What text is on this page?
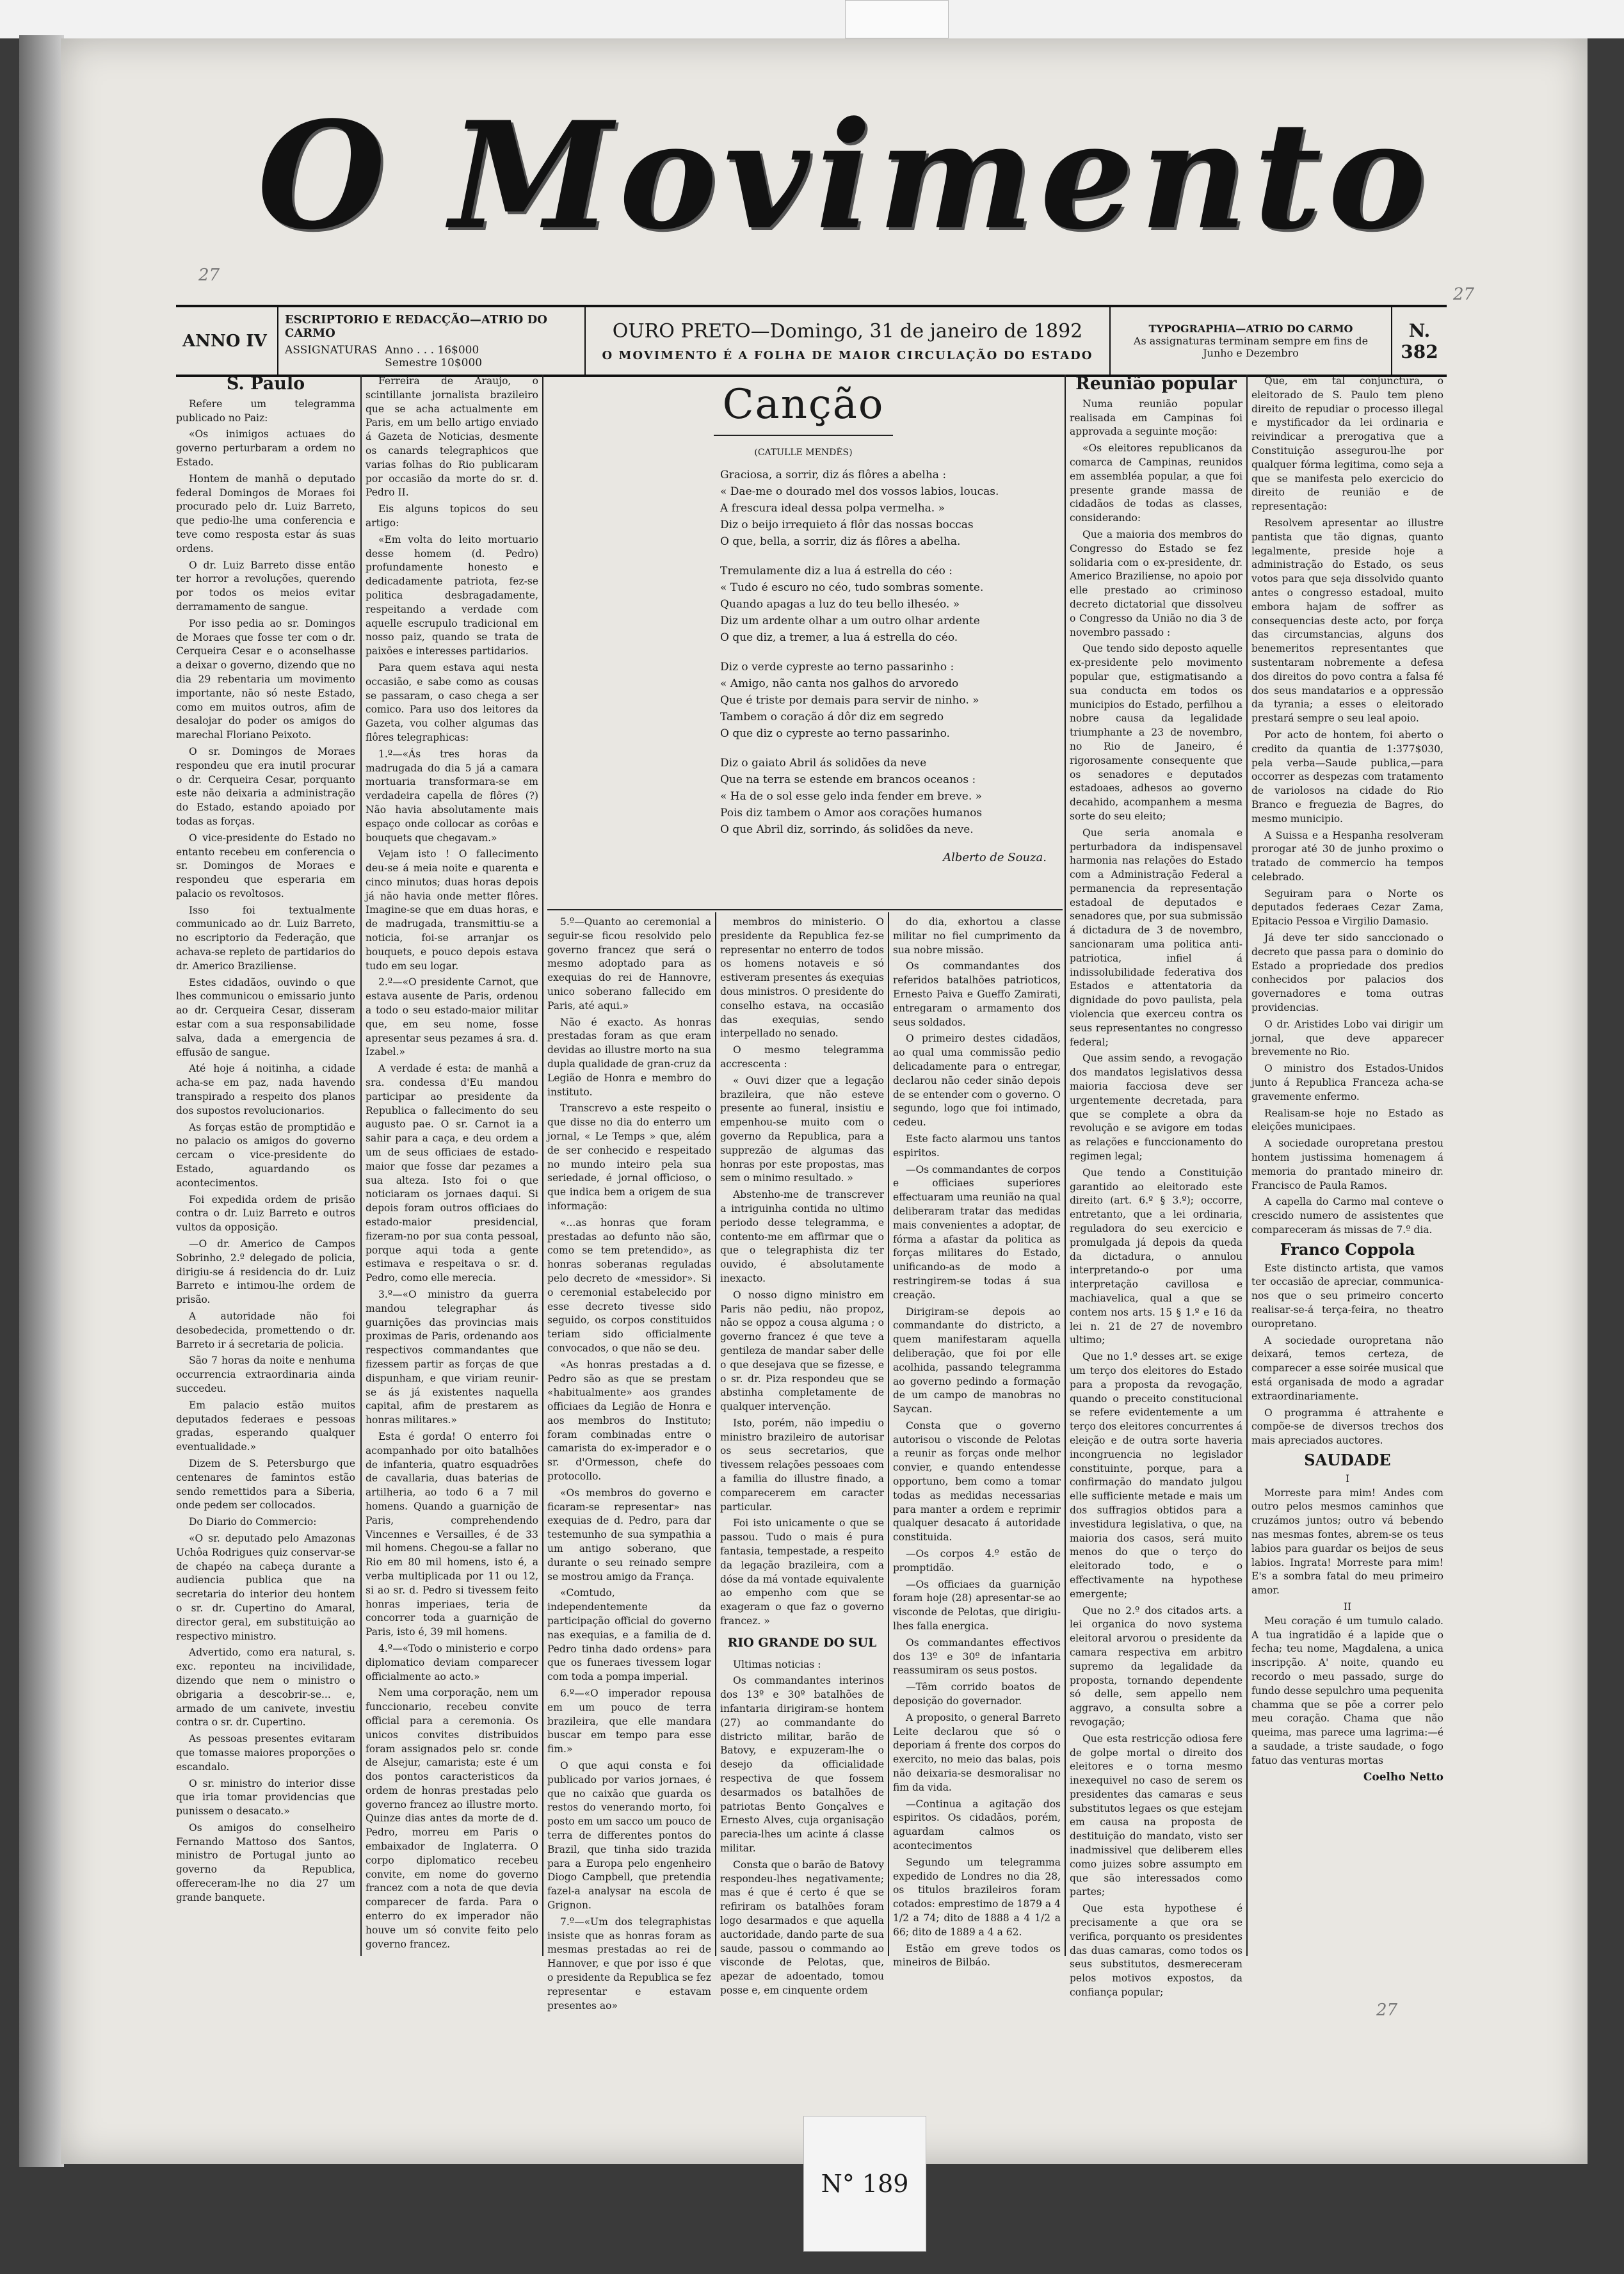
O Movimento
27
27
27
ANNO IV
ESCRIPTORIO E REDACÇÃO—ATRIO DO CARMO
ASSIGNATURAS Anno . . . 16$000
Semestre 10$000
OURO PRETO—Domingo, 31 de janeiro de 1892
O MOVIMENTO É A FOLHA DE MAIOR CIRCULAÇÃO DO ESTADO
TYPOGRAPHIA—ATRIO DO CARMO
As assignaturas terminam sempre em fins de Junho e Dezembro
N. 382
S. Paulo

Refere um telegramma publicado no Paiz:

«Os inimigos actuaes do governo perturbaram a ordem no Estado.

Hontem de manhã o deputado federal Domingos de Moraes foi procurado pelo dr. Luiz Barreto, que pedio-lhe uma conferencia e teve como resposta estar ás suas ordens.

O dr. Luiz Barreto disse então ter horror a revoluções, querendo por todos os meios evitar derramamento de sangue.

Por isso pedia ao sr. Domingos de Moraes que fosse ter com o dr. Cerqueira Cesar e o aconselhasse a deixar o governo, dizendo que no dia 29 rebentaria um movimento importante, não só neste Estado, como em muitos outros, afim de desalojar do poder os amigos do marechal Floriano Peixoto.

O sr. Domingos de Moraes respondeu que era inutil procurar o dr. Cerqueira Cesar, porquanto este não deixaria a administração do Estado, estando apoiado por todas as forças.

O vice-presidente do Estado no entanto recebeu em conferencia o sr. Domingos de Moraes e respondeu que esperaria em palacio os revoltosos.

Isso foi textualmente communicado ao dr. Luiz Barreto, no escriptorio da Federação, que achava-se repleto de partidarios do dr. Americo Braziliense.

Estes cidadãos, ouvindo o que lhes communicou o emissario junto ao dr. Cerqueira Cesar, disseram estar com a sua responsabilidade salva, dada a emergencia de effusão de sangue.

Até hoje á noitinha, a cidade acha-se em paz, nada havendo transpirado a respeito dos planos dos supostos revolucionarios.

As forças estão de promptidão e no palacio os amigos do governo cercam o vice-presidente do Estado, aguardando os acontecimentos.

Foi expedida ordem de prisão contra o dr. Luiz Barreto e outros vultos da opposição.

—O dr. Americo de Campos Sobrinho, 2.º delegado de policia, dirigiu-se á residencia do dr. Luiz Barreto e intimou-lhe ordem de prisão.

A autoridade não foi desobedecida, promettendo o dr. Barreto ir á secretaria de policia.

São 7 horas da noite e nenhuma occurrencia extraordinaria ainda succedeu.

Em palacio estão muitos deputados federaes e pessoas gradas, esperando qualquer eventualidade.»

Dizem de S. Petersburgo que centenares de famintos estão sendo remettidos para a Siberia, onde pedem ser collocados.

Do Diario do Commercio:

«O sr. deputado pelo Amazonas Uchôa Rodrigues quiz conservar-se de chapéo na cabeça durante a audiencia publica que na secretaria do interior deu hontem o sr. dr. Cupertino do Amaral, director geral, em substituição ao respectivo ministro.

Advertido, como era natural, s. exc. reponteu na incivilidade, dizendo que nem o ministro o obrigaria a descobrir-se... e, armado de um canivete, investiu contra o sr. dr. Cupertino.

As pessoas presentes evitaram que tomasse maiores proporções o escandalo.

O sr. ministro do interior disse que iria tomar providencias que punissem o desacato.»

Os amigos do conselheiro Fernando Mattoso dos Santos, ministro de Portugal junto ao governo da Republica, offereceram-lhe no dia 27 um grande banquete.

Ferreira de Araujo, o scintillante jornalista brazileiro que se acha actualmente em Paris, em um bello artigo enviado á Gazeta de Noticias, desmente os canards telegraphicos que varias folhas do Rio publicaram por occasião da morte do sr. d. Pedro II.

Eis alguns topicos do seu artigo:

«Em volta do leito mortuario desse homem (d. Pedro) profundamente honesto e dedicadamente patriota, fez-se politica desbragadamente, respeitando a verdade com aquelle escrupulo tradicional em nosso paiz, quando se trata de paixões e interesses partidarios.

Para quem estava aqui nesta occasião, e sabe como as cousas se passaram, o caso chega a ser comico. Para uso dos leitores da Gazeta, vou colher algumas das flôres telegraphicas:

1.º—«Ás tres horas da madrugada do dia 5 já a camara mortuaria transformara-se em verdadeira capella de flôres (?) Não havia absolutamente mais espaço onde collocar as corôas e bouquets que chegavam.»

Vejam isto ! O fallecimento deu-se á meia noite e quarenta e cinco minutos; duas horas depois já não havia onde metter flôres. Imagine-se que em duas horas, e de madrugada, transmittiu-se a noticia, foi-se arranjar os bouquets, e pouco depois estava tudo em seu logar.

2.º—«O presidente Carnot, que estava ausente de Paris, ordenou a todo o seu estado-maior militar que, em seu nome, fosse apresentar seus pezames á sra. d. Izabel.»

A verdade é esta: de manhã a sra. condessa d'Eu mandou participar ao presidente da Republica o fallecimento do seu augusto pae. O sr. Carnot ia a sahir para a caça, e deu ordem a um de seus officiaes de estado-maior que fosse dar pezames a sua alteza. Isto foi o que noticiaram os jornaes daqui. Si depois foram outros officiaes do estado-maior presidencial, fizeram-no por sua conta pessoal, porque aqui toda a gente estimava e respeitava o sr. d. Pedro, como elle merecia.

3.º—«O ministro da guerra mandou telegraphar ás guarnições das provincias mais proximas de Paris, ordenando aos respectivos commandantes que fizessem partir as forças de que dispunham, e que viriam reunir-se ás já existentes naquella capital, afim de prestarem as honras militares.»

Esta é gorda! O enterro foi acompanhado por oito batalhões de infanteria, quatro esquadrões de cavallaria, duas baterias de artilheria, ao todo 6 a 7 mil homens. Quando a guarnição de Paris, comprehendendo Vincennes e Versailles, é de 33 mil homens. Chegou-se a fallar no Rio em 80 mil homens, isto é, a verba multiplicada por 11 ou 12, si ao sr. d. Pedro si tivessem feito honras imperiaes, teria de concorrer toda a guarnição de Paris, isto é, 39 mil homens.

4.º—«Todo o ministerio e corpo diplomatico deviam comparecer officialmente ao acto.»

Nem uma corporação, nem um funccionario, recebeu convite official para a ceremonia. Os unicos convites distribuidos foram assignados pelo sr. conde de Alsejur, camarista; este é um dos pontos caracteristicos da ordem de honras prestadas pelo governo francez ao illustre morto. Quinze dias antes da morte de d. Pedro, morreu em Paris o embaixador de Inglaterra. O corpo diplomatico recebeu convite, em nome do governo francez com a nota de que devia comparecer de farda. Para o enterro do ex imperador não houve um só convite feito pelo governo francez.

Canção
(CATULLE MENDÈS)
Graciosa, a sorrir, diz ás flôres a abelha :
« Dae-me o dourado mel dos vossos labios, loucas.
A frescura ideal dessa polpa vermelha. »
Diz o beijo irrequieto á flôr das nossas boccas
O que, bella, a sorrir, diz ás flôres a abelha.
Tremulamente diz a lua á estrella do céo :
« Tudo é escuro no céo, tudo sombras somente.
Quando apagas a luz do teu bello ilheséo. »
Diz um ardente olhar a um outro olhar ardente
O que diz, a tremer, a lua á estrella do céo.
Diz o verde cypreste ao terno passarinho :
« Amigo, não canta nos galhos do arvoredo
Que é triste por demais para servir de ninho. »
Tambem o coração á dôr diz em segredo
O que diz o cypreste ao terno passarinho.
Diz o gaiato Abril ás solidões da neve
Que na terra se estende em brancos oceanos :
« Ha de o sol esse gelo inda fender em breve. »
Pois diz tambem o Amor aos corações humanos
O que Abril diz, sorrindo, ás solidões da neve.
Alberto de Souza.

5.º—Quanto ao ceremonial a seguir-se ficou resolvido pelo governo francez que será o mesmo adoptado para as exequias do rei de Hannovre, unico soberano fallecido em Paris, até aqui.»

Não é exacto. As honras prestadas foram as que eram devidas ao illustre morto na sua dupla qualidade de gran-cruz da Legião de Honra e membro do instituto.

Transcrevo a este respeito o que disse no dia do enterro um jornal, « Le Temps » que, além de ser conhecido e respeitado no mundo inteiro pela sua seriedade, é jornal officioso, o que indica bem a origem de sua informação:

«...as honras que foram prestadas ao defunto não são, como se tem pretendido», as honras soberanas reguladas pelo decreto de «messidor». Si o ceremonial estabelecido por esse decreto tivesse sido seguido, os corpos constituidos teriam sido officialmente convocados, o que não se deu.

«As honras prestadas a d. Pedro são as que se prestam «habitualmente» aos grandes officiaes da Legião de Honra e aos membros do Instituto; foram combinadas entre o camarista do ex-imperador e o sr. d'Ormesson, chefe do protocollo.

«Os membros do governo e ficaram-se representar» nas exequias de d. Pedro, para dar testemunho de sua sympathia a um antigo soberano, que durante o seu reinado sempre se mostrou amigo da França.

«Comtudo, independentemente da participação official do governo nas exequias, e a familia de d. Pedro tinha dado ordens» para que os funeraes tivessem logar com toda a pompa imperial.

6.º—«O imperador repousa em um pouco de terra brazileira, que elle mandara buscar em tempo para esse fim.»

O que aqui consta e foi publicado por varios jornaes, é que no caixão que guarda os restos do venerando morto, foi posto em um sacco um pouco de terra de differentes pontos do Brazil, que tinha sido trazida para a Europa pelo engenheiro Diogo Campbell, que pretendia fazel-a analysar na escola de Grignon.

7.º—«Um dos telegraphistas insiste que as honras foram as mesmas prestadas ao rei de Hannover, e que por isso é que o presidente da Republica se fez representar e estavam presentes ao»

membros do ministerio. O presidente da Republica fez-se representar no enterro de todos os homens notaveis e só estiveram presentes ás exequias dous ministros. O presidente do conselho estava, na occasião das exequias, sendo interpellado no senado.

O mesmo telegramma accrescenta :

« Ouvi dizer que a legação brazileira, que não esteve presente ao funeral, insistiu e empenhou-se muito com o governo da Republica, para a supprezão de algumas das honras por este propostas, mas sem o minimo resultado. »

Abstenho-me de transcrever a intriguinha contida no ultimo periodo desse telegramma, e contento-me em affirmar que o que o telegraphista diz ter ouvido, é absolutamente inexacto.

O nosso digno ministro em Paris não pediu, não propoz, não se oppoz a cousa alguma ; o governo francez é que teve a gentileza de mandar saber delle o que desejava que se fizesse, e o sr. dr. Piza respondeu que se abstinha completamente de qualquer intervenção.

Isto, porém, não impediu o ministro brazileiro de autorisar os seus secretarios, que tivessem relações pessoaes com a familia do illustre finado, a comparecerem em caracter particular.

Foi isto unicamente o que se passou. Tudo o mais é pura fantasia, tempestade, a respeito da legação brazileira, com a dóse da má vontade equivalente ao empenho com que se exageram o que faz o governo francez. »

RIO GRANDE DO SUL

Ultimas noticias :

Os commandantes interinos dos 13º e 30º batalhões de infantaria dirigiram-se hontem (27) ao commandante do districto militar, barão de Batovy, e expuzeram-lhe o desejo da officialidade respectiva de que fossem desarmados os batalhões de patriotas Bento Gonçalves e Ernesto Alves, cuja organisação parecia-lhes um acinte á classe militar.

Consta que o barão de Batovy respondeu-lhes negativamente; mas é que é certo é que se refiriram os batalhões foram logo desarmados e que aquella auctoridade, dando parte de sua saude, passou o commando ao visconde de Pelotas, que, apezar de adoentado, tomou posse e, em cinquente ordem

do dia, exhortou a classe militar no fiel cumprimento da sua nobre missão.

Os commandantes dos referidos batalhões patrioticos, Ernesto Paiva e Gueffo Zamirati, entregaram o armamento dos seus soldados.

O primeiro destes cidadãos, ao qual uma commissão pedio delicadamente para o entregar, declarou não ceder sinão depois de se entender com o governo. O segundo, logo que foi intimado, cedeu.

Este facto alarmou uns tantos espiritos.

—Os commandantes de corpos e officiaes superiores effectuaram uma reunião na qual deliberaram tratar das medidas mais convenientes a adoptar, de fórma a afastar da politica as forças militares do Estado, unificando-as de modo a restringirem-se todas á sua creação.

Dirigiram-se depois ao commandante do districto, a quem manifestaram aquella deliberação, que foi por elle acolhida, passando telegramma ao governo pedindo a formação de um campo de manobras no Saycan.

Consta que o governo autorisou o visconde de Pelotas a reunir as forças onde melhor convier, e quando entendesse opportuno, bem como a tomar todas as medidas necessarias para manter a ordem e reprimir qualquer desacato á autoridade constituida.

—Os corpos 4.º estão de promptidão.

—Os officiaes da guarnição foram hoje (28) apresentar-se ao visconde de Pelotas, que dirigiu-lhes falla energica.

Os commandantes effectivos dos 13º e 30º de infantaria reassumiram os seus postos.

—Têm corrido boatos de deposição do governador.

A proposito, o general Barreto Leite declarou que só o deporiam á frente dos corpos do exercito, no meio das balas, pois não deixaria-se desmoralisar no fim da vida.

—Continua a agitação dos espiritos. Os cidadãos, porém, aguardam calmos os acontecimentos

Segundo um telegramma expedido de Londres no dia 28, os titulos brazileiros foram cotados: emprestimo de 1879 a 4 1/2 a 74; dito de 1888 a 4 1/2 a 66; dito de 1889 a 4 a 62.

Estão em greve todos os mineiros de Bilbáo.

Reunião popular

Numa reunião popular realisada em Campinas foi approvada a seguinte moção:

«Os eleitores republicanos da comarca de Campinas, reunidos em assembléa popular, a que foi presente grande massa de cidadãos de todas as classes, considerando:

Que a maioria dos membros do Congresso do Estado se fez solidaria com o ex-presidente, dr. Americo Braziliense, no apoio por elle prestado ao criminoso decreto dictatorial que dissolveu o Congresso da União no dia 3 de novembro passado :

Que tendo sido deposto aquelle ex-presidente pelo movimento popular que, estigmatisando a sua conducta em todos os municipios do Estado, perfilhou a nobre causa da legalidade triumphante a 23 de novembro, no Rio de Janeiro, é rigorosamente consequente que os senadores e deputados estadoaes, adhesos ao governo decahido, acompanhem a mesma sorte do seu eleito;

Que seria anomala e perturbadora da indispensavel harmonia nas relações do Estado com a Administração Federal a permanencia da representação estadoal de deputados e senadores que, por sua submissão á dictadura de 3 de novembro, sancionaram uma politica anti-patriotica, infiel á indissolubilidade federativa dos Estados e attentatoria da dignidade do povo paulista, pela violencia que exerceu contra os seus representantes no congresso federal;

Que assim sendo, a revogação dos mandatos legislativos dessa maioria facciosa deve ser urgentemente decretada, para que se complete a obra da revolução e se avigore em todas as relações e funccionamento do regimen legal;

Que tendo a Constituição garantido ao eleitorado este direito (art. 6.º § 3.º); occorre, entretanto, que a lei ordinaria, reguladora do seu exercicio e promulgada já depois da queda da dictadura, o annulou interpretando-o por uma interpretação cavillosa e machiavelica, qual a que se contem nos arts. 15 § 1.º e 16 da lei n. 21 de 27 de novembro ultimo;

Que no 1.º desses art. se exige um terço dos eleitores do Estado para a proposta da revogação, quando o preceito constitucional se refere evidentemente a um terço dos eleitores concurrentes á eleição e de outra sorte haveria incongruencia no legislador constituinte, porque, para a confirmação do mandato julgou elle sufficiente metade e mais um dos suffragios obtidos para a investidura legislativa, o que, na maioria dos casos, será muito menos do que o terço do eleitorado todo, e o effectivamente na hypothese emergente;

Que no 2.º dos citados arts. a lei organica do novo systema eleitoral arvorou o presidente da camara respectiva em arbitro supremo da legalidade da proposta, tornando dependente só delle, sem appello nem aggravo, a consulta sobre a revogação;

Que esta restricção odiosa fere de golpe mortal o direito dos eleitores e o torna mesmo inexequivel no caso de serem os presidentes das camaras e seus substitutos legaes os que estejam em causa na proposta de destituição do mandato, visto ser inadmissivel que deliberem elles como juizes sobre assumpto em que são interessados como partes;

Que esta hypothese é precisamente a que ora se verifica, porquanto os presidentes das duas camaras, como todos os seus substitutos, desmereceram pelos motivos expostos, da confiança popular;

Que, em tal conjunctura, o eleitorado de S. Paulo tem pleno direito de repudiar o processo illegal e mystificador da lei ordinaria e reivindicar a prerogativa que a Constituição assegurou-lhe por qualquer fórma legitima, como seja a que se manifesta pelo exercicio do direito de reunião e de representação:

Resolvem apresentar ao illustre pantista que tão dignas, quanto legalmente, preside hoje a administração do Estado, os seus votos para que seja dissolvido quanto antes o congresso estadoal, muito embora hajam de soffrer as consequencias deste acto, por força das circumstancias, alguns dos benemeritos representantes que sustentaram nobremente a defesa dos direitos do povo contra a falsa fé dos seus mandatarios e a oppressão da tyrania; a esses o eleitorado prestará sempre o seu leal apoio.

Por acto de hontem, foi aberto o credito da quantia de 1:377$030, pela verba—Saude publica,—para occorrer as despezas com tratamento de variolosos na cidade do Rio Branco e freguezia de Bagres, do mesmo municipio.

A Suissa e a Hespanha resolveram prorogar até 30 de junho proximo o tratado de commercio ha tempos celebrado.

Seguiram para o Norte os deputados federaes Cezar Zama, Epitacio Pessoa e Virgilio Damasio.

Já deve ter sido sanccionado o decreto que passa para o dominio do Estado a propriedade dos predios conhecidos por palacios dos governadores e toma outras providencias.

O dr. Aristides Lobo vai dirigir um jornal, que deve apparecer brevemente no Rio.

O ministro dos Estados-Unidos junto á Republica Franceza acha-se gravemente enfermo.

Realisam-se hoje no Estado as eleições municipaes.

A sociedade ouropretana prestou hontem justissima homenagem á memoria do prantado mineiro dr. Francisco de Paula Ramos.

A capella do Carmo mal conteve o crescido numero de assistentes que compareceram ás missas de 7.º dia.

Franco Coppola

Este distincto artista, que vamos ter occasião de apreciar, communica-nos que o seu primeiro concerto realisar-se-á terça-feira, no theatro ouropretano.

A sociedade ouropretana não deixará, temos certeza, de comparecer a esse soirée musical que está organisada de modo a agradar extraordinariamente.

O programma é attrahente e compõe-se de diversos trechos dos mais apreciados auctores.

SAUDADE
I

Morreste para mim! Andes com outro pelos mesmos caminhos que cruzámos juntos; outro vá bebendo nas mesmas fontes, abrem-se os teus labios para guardar os beijos de seus labios. Ingrata! Morreste para mim! E's a sombra fatal do meu primeiro amor.

II

Meu coração é um tumulo calado. A tua ingratidão é a lapide que o fecha; teu nome, Magdalena, a unica inscripção. A' noite, quando eu recordo o meu passado, surge do fundo desse sepulchro uma pequenita chamma que se põe a correr pelo meu coração. Chama que não queima, mas parece uma lagrima:—é a saudade, a triste saudade, o fogo fatuo das venturas mortas

Coelho Netto
N° 189
